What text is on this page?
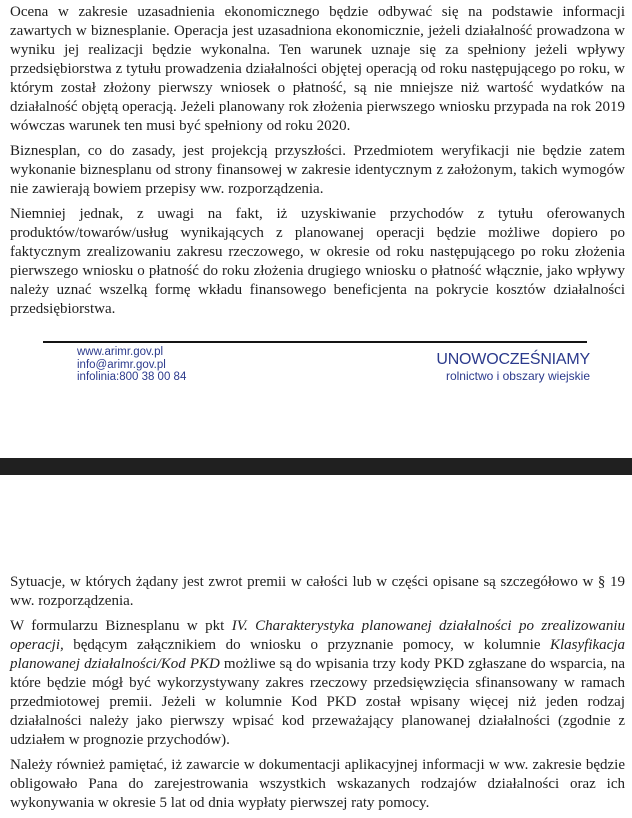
Ocena w zakresie uzasadnienia ekonomicznego będzie odbywać się na podstawie informacji zawartych w biznesplanie. Operacja jest uzasadniona ekonomicznie, jeżeli działalność prowadzona w wyniku jej realizacji będzie wykonalna. Ten warunek uznaje się za spełniony jeżeli wpływy przedsiębiorstwa z tytułu prowadzenia działalności objętej operacją od roku następującego po roku, w którym został złożony pierwszy wniosek o płatność, są nie mniejsze niż wartość wydatków na działalność objętą operacją. Jeżeli planowany rok złożenia pierwszego wniosku przypada na rok 2019 wówczas warunek ten musi być spełniony od roku 2020.

Biznesplan, co do zasady, jest projekcją przyszłości. Przedmiotem weryfikacji nie będzie zatem wykonanie biznesplanu od strony finansowej w zakresie identycznym z założonym, takich wymogów nie zawierają bowiem przepisy ww. rozporządzenia.

Niemniej jednak, z uwagi na fakt, iż uzyskiwanie przychodów z tytułu oferowanych produktów/towarów/usług wynikających z planowanej operacji będzie możliwe dopiero po faktycznym zrealizowaniu zakresu rzeczowego, w okresie od roku następującego po roku złożenia pierwszego wniosku o płatność do roku złożenia drugiego wniosku o płatność włącznie, jako wpływy należy uznać wszelką formę wkładu finansowego beneficjenta na pokrycie kosztów działalności przedsiębiorstwa.

www.arimr.gov.pl
info@arimr.gov.pl
infolinia:800 38 00 84
UNOWOCZEŚNIAMY
rolnictwo i obszary wiejskie

Sytuacje, w których żądany jest zwrot premii w całości lub w części opisane są szczegółowo w § 19 ww. rozporządzenia.

W formularzu Biznesplanu w pkt IV. Charakterystyka planowanej działalności po zrealizowaniu operacji, będącym załącznikiem do wniosku o przyznanie pomocy, w kolumnie Klasyfikacja planowanej działalności/Kod PKD możliwe są do wpisania trzy kody PKD zgłaszane do wsparcia, na które będzie mógł być wykorzystywany zakres rzeczowy przedsięwzięcia sfinansowany w ramach przedmiotowej premii. Jeżeli w kolumnie Kod PKD został wpisany więcej niż jeden rodzaj działalności należy jako pierwszy wpisać kod przeważający planowanej działalności (zgodnie z udziałem w prognozie przychodów).

Należy również pamiętać, iż zawarcie w dokumentacji aplikacyjnej informacji w ww. zakresie będzie obligowało Pana do zarejestrowania wszystkich wskazanych rodzajów działalności oraz ich wykonywania w okresie 5 lat od dnia wypłaty pierwszej raty pomocy.
